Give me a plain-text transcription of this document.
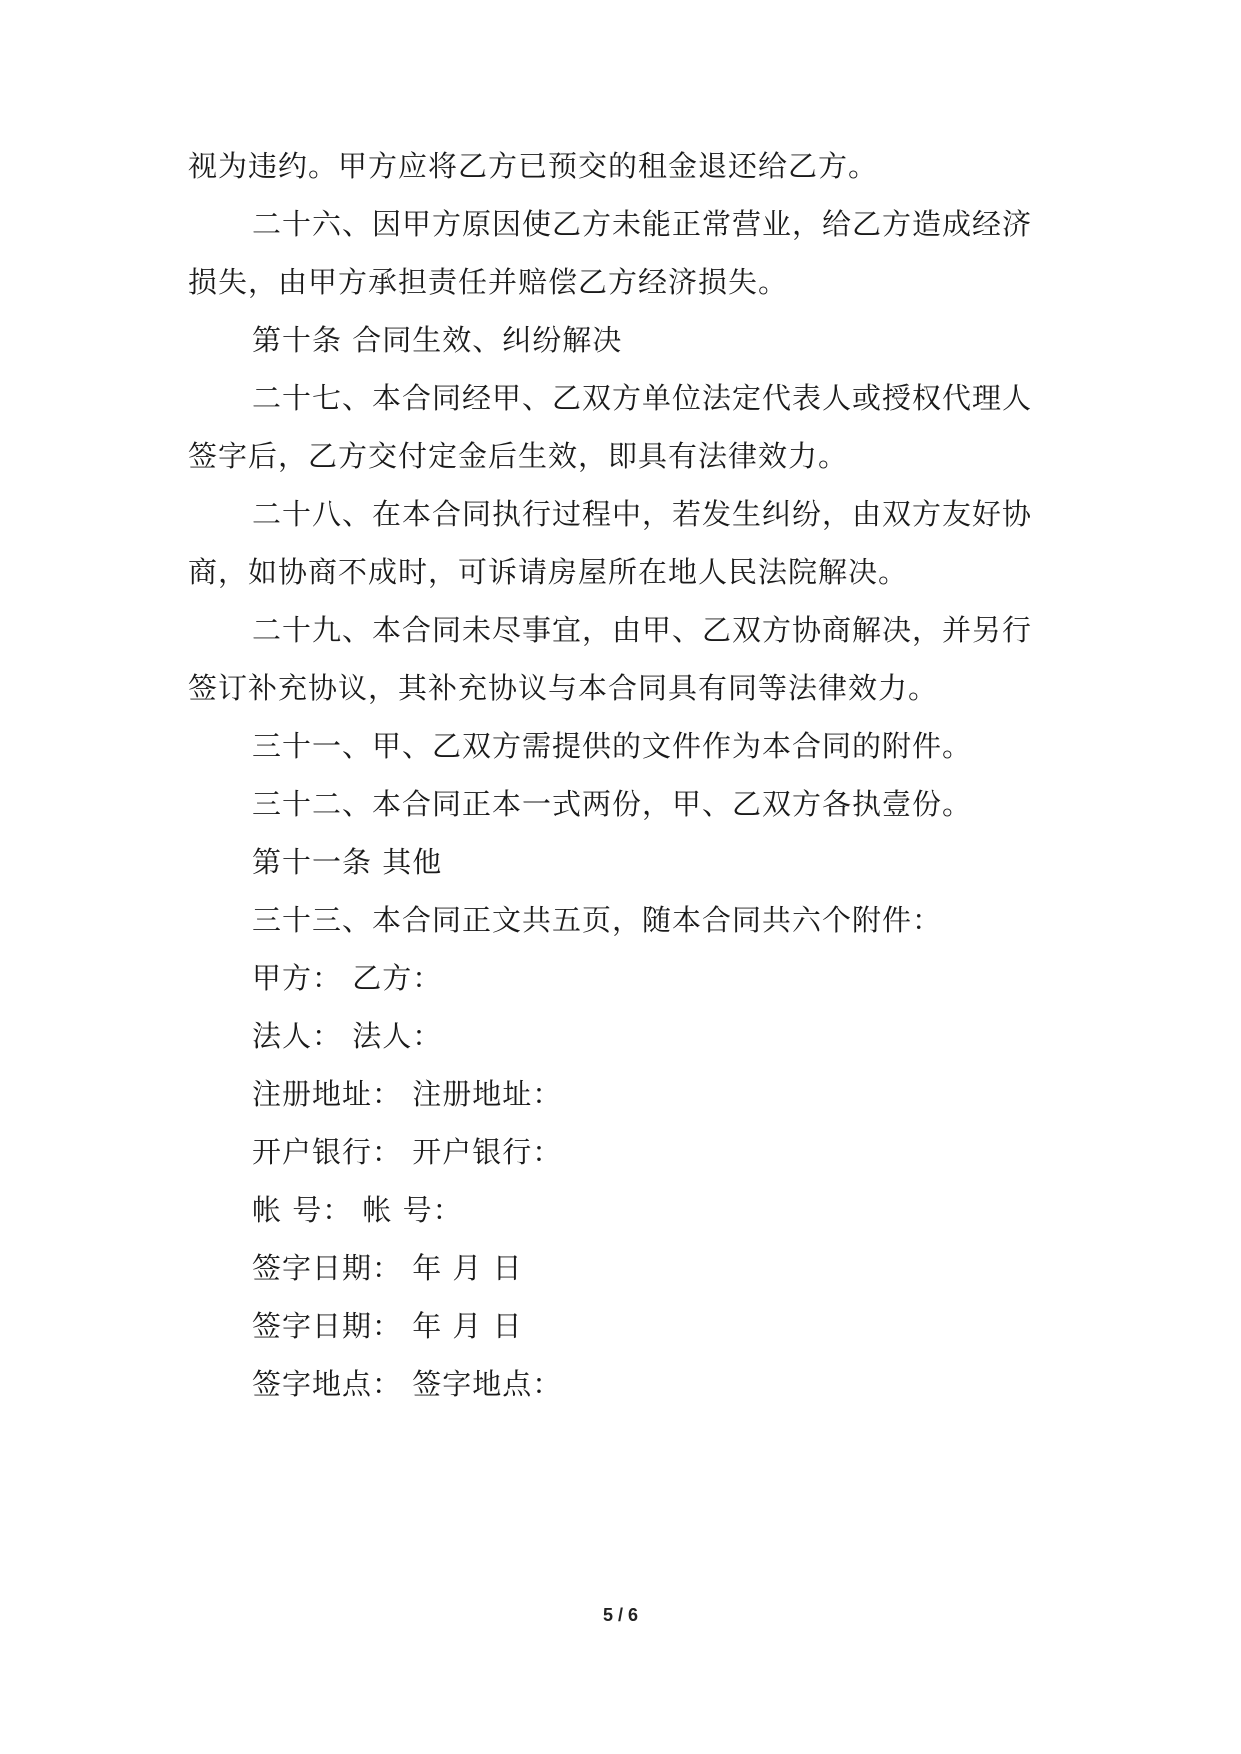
视为违约。甲方应将乙方已预交的租金退还给乙方。
二十六、因甲方原因使乙方未能正常营业，给乙方造成经济
损失，由甲方承担责任并赔偿乙方经济损失。
第十条 合同生效、纠纷解决
二十七、本合同经甲、乙双方单位法定代表人或授权代理人
签字后，乙方交付定金后生效，即具有法律效力。
二十八、在本合同执行过程中，若发生纠纷，由双方友好协
商，如协商不成时，可诉请房屋所在地人民法院解决。
二十九、本合同未尽事宜，由甲、乙双方协商解决，并另行
签订补充协议，其补充协议与本合同具有同等法律效力。
三十一、甲、乙双方需提供的文件作为本合同的附件。
三十二、本合同正本一式两份，甲、乙双方各执壹份。
第十一条 其他
三十三、本合同正文共五页，随本合同共六个附件：
甲方： 乙方：
法人： 法人：
注册地址： 注册地址：
开户银行： 开户银行：
帐 号： 帐 号：
签字日期： 年 月 日
签字日期： 年 月 日
签字地点： 签字地点：
5 / 6
